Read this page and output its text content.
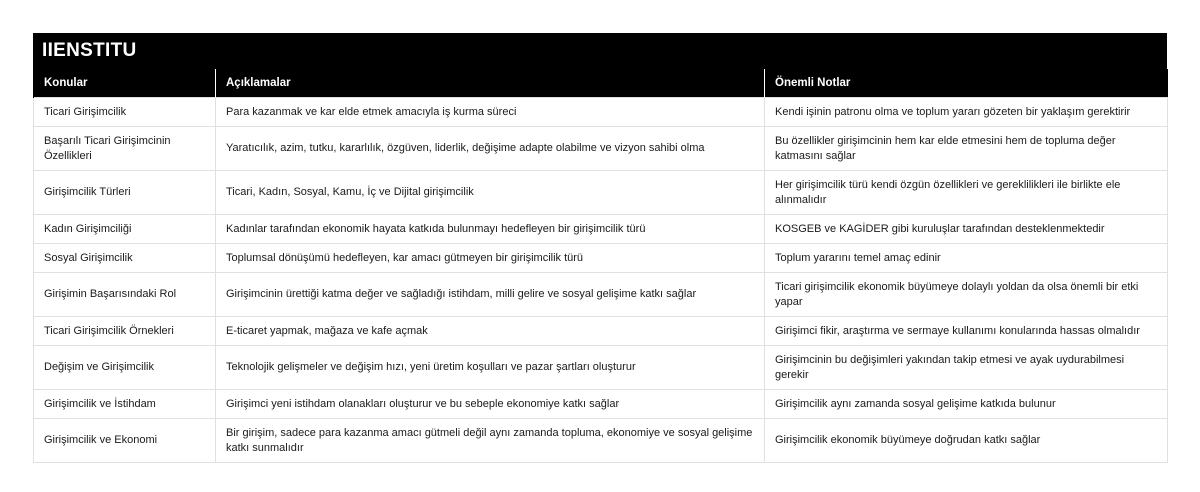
IIENSTITU
Konular	Açıklamalar	Önemli Notlar
Ticari Girişimcilik	Para kazanmak ve kar elde etmek amacıyla iş kurma süreci	Kendi işinin patronu olma ve toplum yararı gözeten bir yaklaşım gerektirir
Başarılı Ticari Girişimcinin Özellikleri	Yaratıcılık, azim, tutku, kararlılık, özgüven, liderlik, değişime adapte olabilme ve vizyon sahibi olma	Bu özellikler girişimcinin hem kar elde etmesini hem de topluma değer katmasını sağlar
Girişimcilik Türleri	Ticari, Kadın, Sosyal, Kamu, İç ve Dijital girişimcilik	Her girişimcilik türü kendi özgün özellikleri ve gereklilikleri ile birlikte ele alınmalıdır
Kadın Girişimciliği	Kadınlar tarafından ekonomik hayata katkıda bulunmayı hedefleyen bir girişimcilik türü	KOSGEB ve KAGİDER gibi kuruluşlar tarafından desteklenmektedir
Sosyal Girişimcilik	Toplumsal dönüşümü hedefleyen, kar amacı gütmeyen bir girişimcilik türü	Toplum yararını temel amaç edinir
Girişimin Başarısındaki Rol	Girişimcinin ürettiği katma değer ve sağladığı istihdam, milli gelire ve sosyal gelişime katkı sağlar	Ticari girişimcilik ekonomik büyümeye dolaylı yoldan da olsa önemli bir etki yapar
Ticari Girişimcilik Örnekleri	E-ticaret yapmak, mağaza ve kafe açmak	Girişimci fikir, araştırma ve sermaye kullanımı konularında hassas olmalıdır
Değişim ve Girişimcilik	Teknolojik gelişmeler ve değişim hızı, yeni üretim koşulları ve pazar şartları oluşturur	Girişimcinin bu değişimleri yakından takip etmesi ve ayak uydurabilmesi gerekir
Girişimcilik ve İstihdam	Girişimci yeni istihdam olanakları oluşturur ve bu sebeple ekonomiye katkı sağlar	Girişimcilik aynı zamanda sosyal gelişime katkıda bulunur
Girişimcilik ve Ekonomi	Bir girişim, sadece para kazanma amacı gütmeli değil aynı zamanda topluma, ekonomiye ve sosyal gelişime katkı sunmalıdır	Girişimcilik ekonomik büyümeye doğrudan katkı sağlar
